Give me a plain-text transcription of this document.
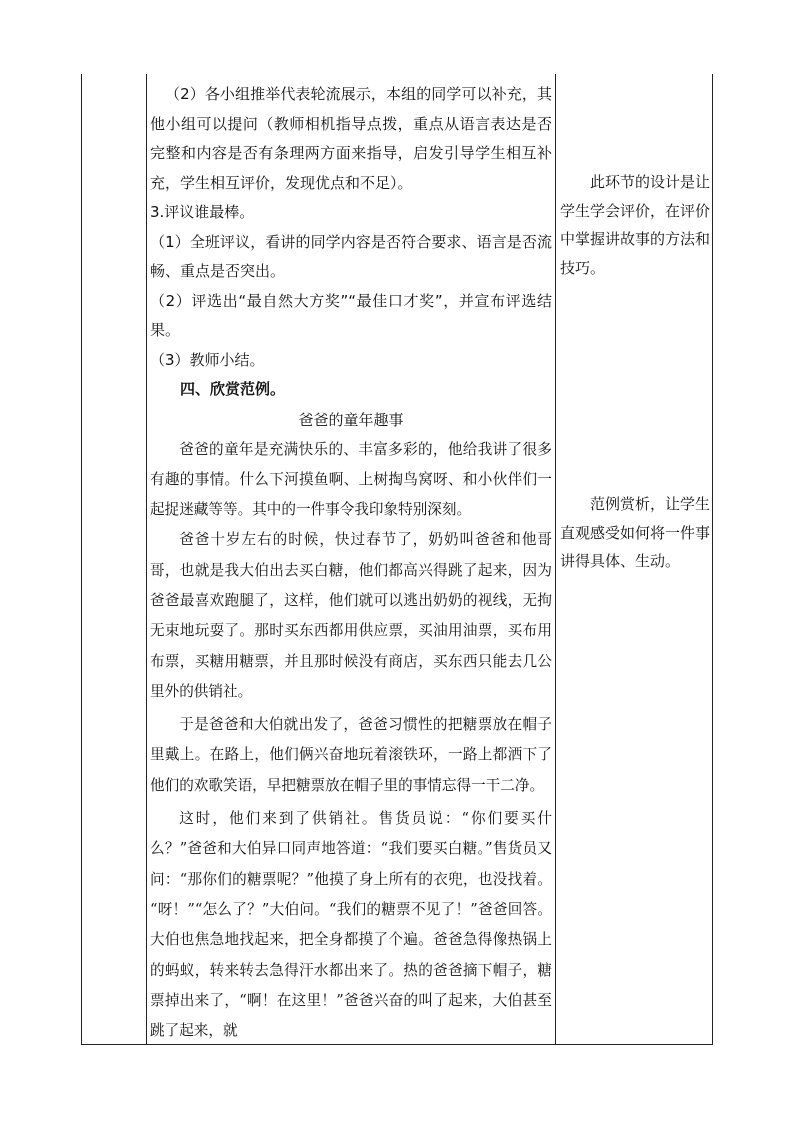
（2）各小组推举代表轮流展示，本组的同学可以补充，其他小组可以提问（教师相机指导点拨，重点从语言表达是否完整和内容是否有条理两方面来指导，启发引导学生相互补充，学生相互评价，发现优点和不足）。

3.评议谁最棒。

（1）全班评议，看讲的同学内容是否符合要求、语言是否流畅、重点是否突出。

（2）评选出“最自然大方奖”“最佳口才奖”，并宣布评选结果。

（3）教师小结。

四、欣赏范例。

爸爸的童年趣事

爸爸的童年是充满快乐的、丰富多彩的，他给我讲了很多有趣的事情。什么下河摸鱼啊、上树掏鸟窝呀、和小伙伴们一起捉迷藏等等。其中的一件事令我印象特别深刻。

爸爸十岁左右的时候，快过春节了，奶奶叫爸爸和他哥哥，也就是我大伯出去买白糖，他们都高兴得跳了起来，因为爸爸最喜欢跑腿了，这样，他们就可以逃出奶奶的视线，无拘无束地玩耍了。那时买东西都用供应票，买油用油票，买布用布票，买糖用糖票，并且那时候没有商店，买东西只能去几公里外的供销社。

于是爸爸和大伯就出发了，爸爸习惯性的把糖票放在帽子里戴上。在路上，他们俩兴奋地玩着滚铁环，一路上都洒下了他们的欢歌笑语，早把糖票放在帽子里的事情忘得一干二净。

这时，他们来到了供销社。售货员说：“你们要买什么？”爸爸和大伯异口同声地答道：“我们要买白糖。”售货员又问：“那你们的糖票呢？”他摸了身上所有的衣兜，也没找着。 “呀！”“怎么了？”大伯问。“我们的糖票不见了！”爸爸回答。大伯也焦急地找起来，把全身都摸了个遍。爸爸急得像热锅上的蚂蚁，转来转去急得汗水都出来了。热的爸爸摘下帽子，糖票掉出来了，“啊！在这里！”爸爸兴奋的叫了起来，大伯甚至跳了起来，就

此环节的设计是让学生学会评价，在评价中掌握讲故事的方法和技巧。

范例赏析，让学生直观感受如何将一件事讲得具体、生动。
